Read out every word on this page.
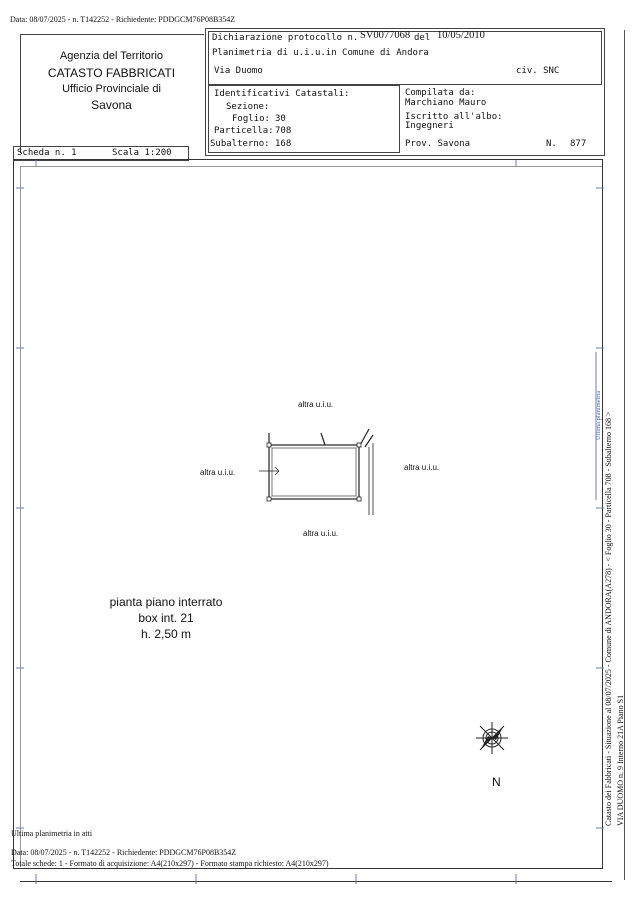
Data: 08/07/2025 - n. T142252 - Richiedente: PDDGCM76P08B354Z
Agenzia del Territorio
CATASTO FABBRICATI
Ufficio Provinciale di
Savona
Dichiarazione protocollo n. SV0077068 del 10/05/2010
Planimetria di u.i.u.in Comune di Andora
Via Duomo	civ. SNC
Identificativi Catastali:
Sezione:
Foglio: 30
Particella: 708
Subalterno: 168
Compilata da:
Marchiano Mauro
Iscritto all'albo:
Ingegneri
Prov. Savona	N. 877
Scheda n. 1	Scala 1:200
altra u.i.u.
altra u.i.u.
altra u.i.u.
altra u.i.u.
pianta piano interrato
box int. 21
h. 2,50 m
N	Catasto dei Fabbricati - Situazione al 08/07/2025 - Comune di ANDORA(A278) - < Foglio 30 - Particella 708 - Subalterno 168 > VIA DUOMO n. 9 Interno 21A Piano S1
Ultima planimetria
Ultima planimetria in atti
Data: 08/07/2025 - n. T142252 - Richiedente: PDDGCM76P08B354Z
Totale schede: 1 - Formato di acquisizione: A4(210x297) - Formato stampa richiesto: A4(210x297)
